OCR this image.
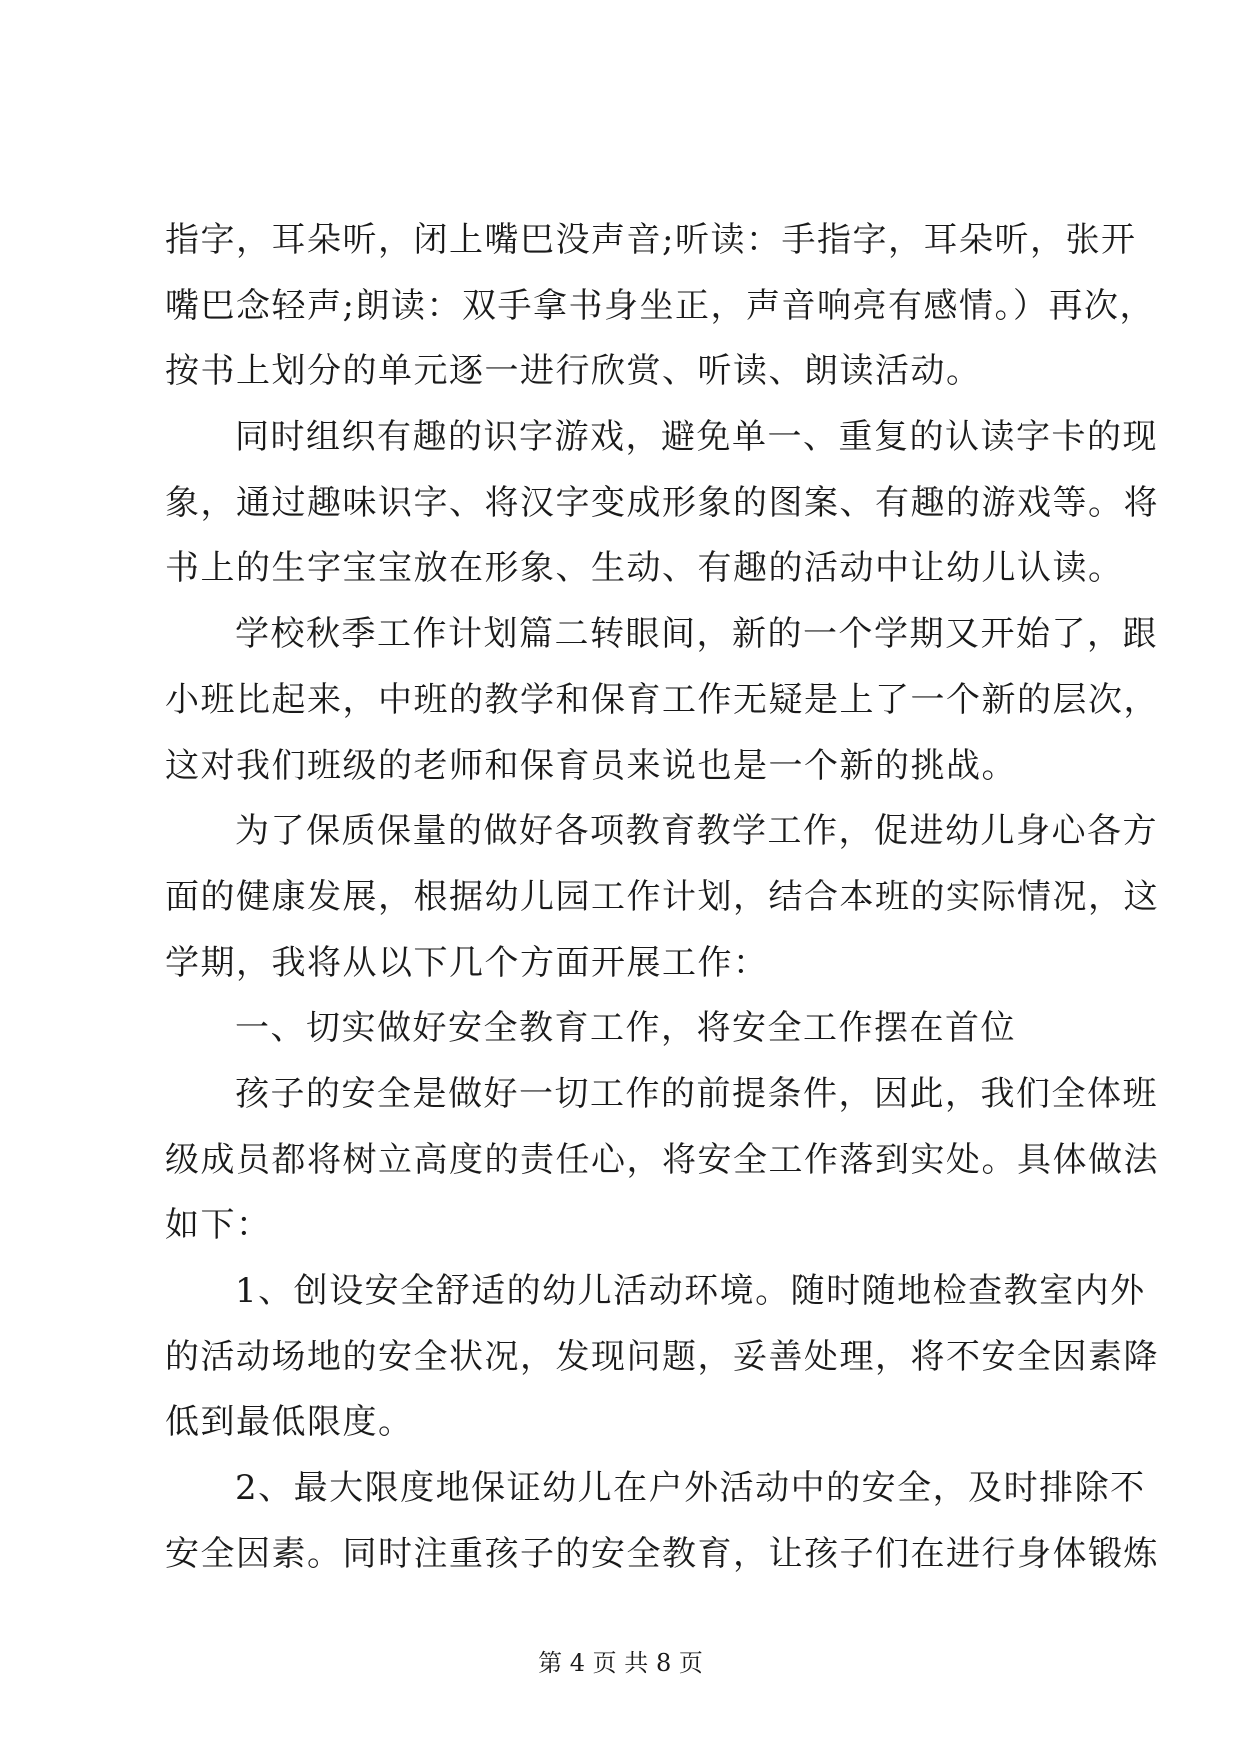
指字，耳朵听，闭上嘴巴没声音;听读：手指字，耳朵听，张开
嘴巴念轻声;朗读：双手拿书身坐正，声音响亮有感情。）再次，
按书上划分的单元逐一进行欣赏、听读、朗读活动。
同时组织有趣的识字游戏，避免单一、重复的认读字卡的现
象，通过趣味识字、将汉字变成形象的图案、有趣的游戏等。将
书上的生字宝宝放在形象、生动、有趣的活动中让幼儿认读。
学校秋季工作计划篇二转眼间，新的一个学期又开始了，跟
小班比起来，中班的教学和保育工作无疑是上了一个新的层次，
这对我们班级的老师和保育员来说也是一个新的挑战。
为了保质保量的做好各项教育教学工作，促进幼儿身心各方
面的健康发展，根据幼儿园工作计划，结合本班的实际情况，这
学期，我将从以下几个方面开展工作：
一、切实做好安全教育工作，将安全工作摆在首位
孩子的安全是做好一切工作的前提条件，因此，我们全体班
级成员都将树立高度的责任心，将安全工作落到实处。具体做法
如下：
1、创设安全舒适的幼儿活动环境。随时随地检查教室内外
的活动场地的安全状况，发现问题，妥善处理，将不安全因素降
低到最低限度。
2、最大限度地保证幼儿在户外活动中的安全，及时排除不
安全因素。同时注重孩子的安全教育，让孩子们在进行身体锻炼
第 4 页 共 8 页
